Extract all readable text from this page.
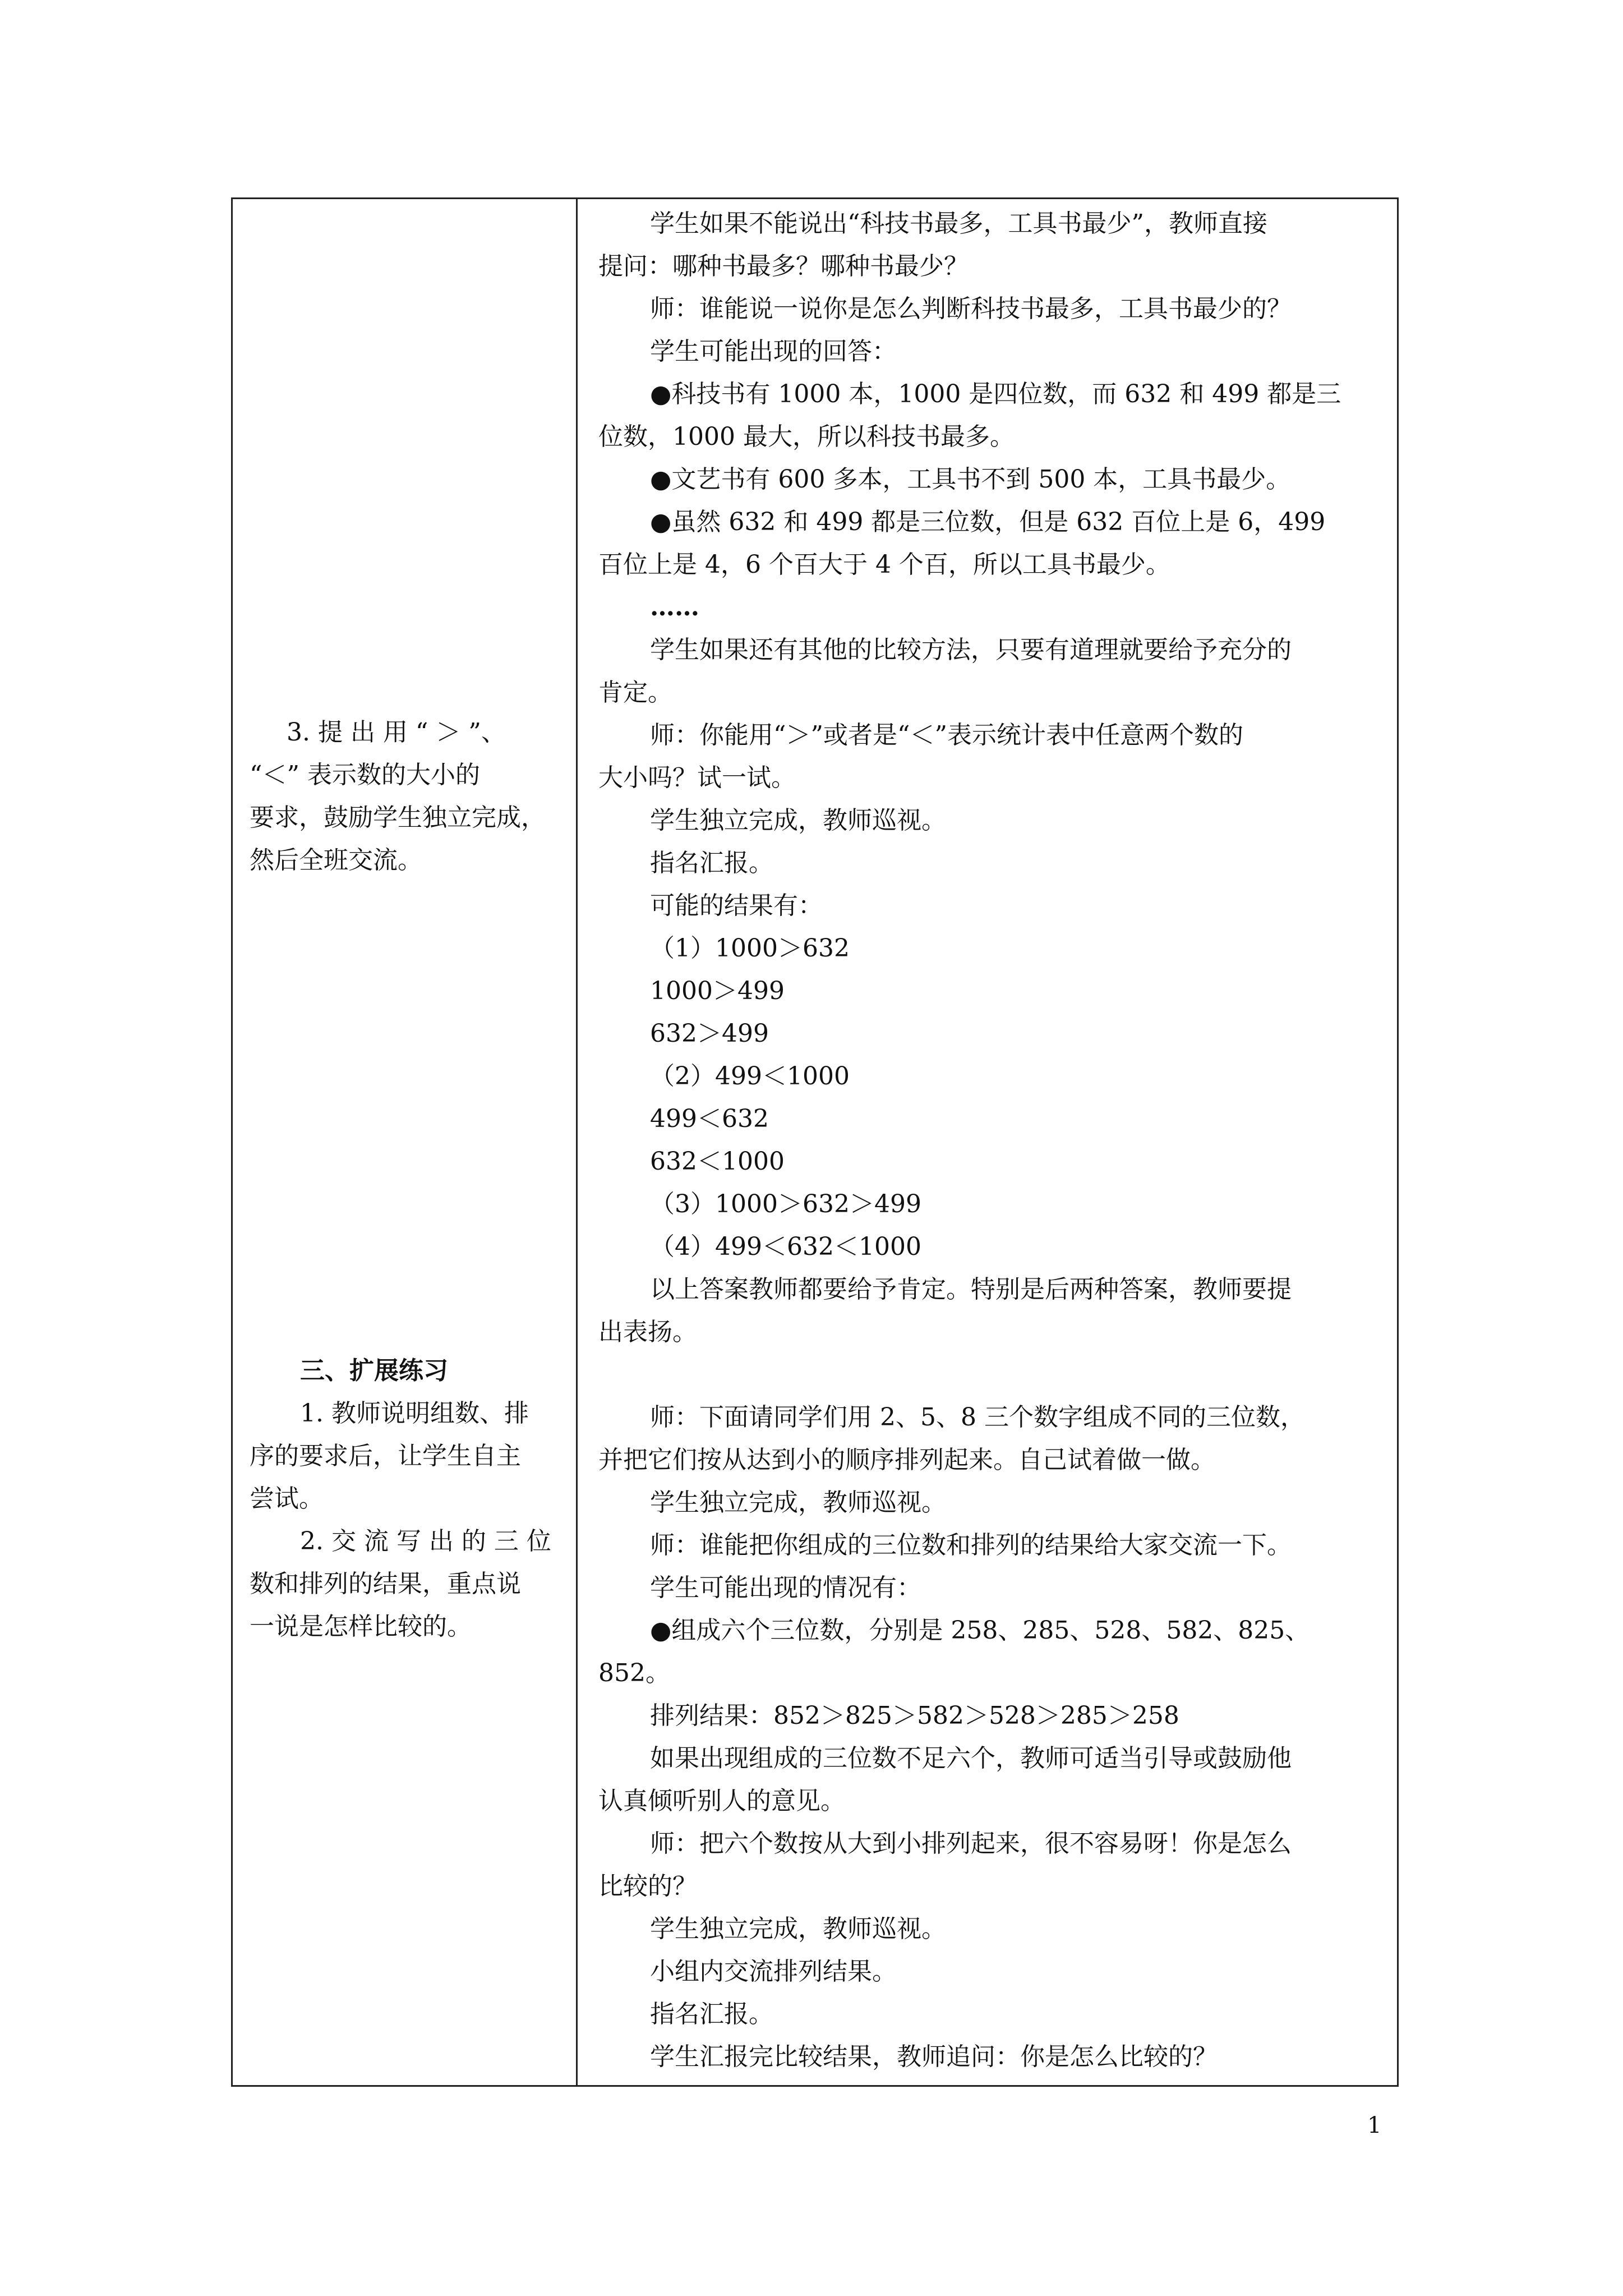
3. 提 出 用 “ ＞ ”、
“＜” 表示数的大小的
要求，鼓励学生独立完成，
然后全班交流。
三、扩展练习
1. 教师说明组数、排
序的要求后，让学生自主
尝试。
2. 交 流 写 出 的 三 位
数和排列的结果，重点说
一说是怎样比较的。
学生如果不能说出“科技书最多，工具书最少”，教师直接
提问：哪种书最多？哪种书最少？
师：谁能说一说你是怎么判断科技书最多，工具书最少的？
学生可能出现的回答：
●科技书有 1000 本，1000 是四位数，而 632 和 499 都是三
位数，1000 最大，所以科技书最多。
●文艺书有 600 多本，工具书不到 500 本，工具书最少。
●虽然 632 和 499 都是三位数，但是 632 百位上是 6，499
百位上是 4，6 个百大于 4 个百，所以工具书最少。
……
学生如果还有其他的比较方法，只要有道理就要给予充分的
肯定。
师：你能用“＞”或者是“＜”表示统计表中任意两个数的
大小吗？试一试。
学生独立完成，教师巡视。
指名汇报。
可能的结果有：
（1）1000＞632
1000＞499
632＞499
（2）499＜1000
499＜632
632＜1000
（3）1000＞632＞499
（4）499＜632＜1000
以上答案教师都要给予肯定。特别是后两种答案，教师要提
出表扬。
师：下面请同学们用 2、5、8 三个数字组成不同的三位数，
并把它们按从达到小的顺序排列起来。自己试着做一做。
学生独立完成，教师巡视。
师：谁能把你组成的三位数和排列的结果给大家交流一下。
学生可能出现的情况有：
●组成六个三位数，分别是 258、285、528、582、825、
852。
排列结果：852＞825＞582＞528＞285＞258
如果出现组成的三位数不足六个，教师可适当引导或鼓励他
认真倾听别人的意见。
师：把六个数按从大到小排列起来，很不容易呀！你是怎么
比较的？
学生独立完成，教师巡视。
小组内交流排列结果。
指名汇报。
学生汇报完比较结果，教师追问：你是怎么比较的？
1
